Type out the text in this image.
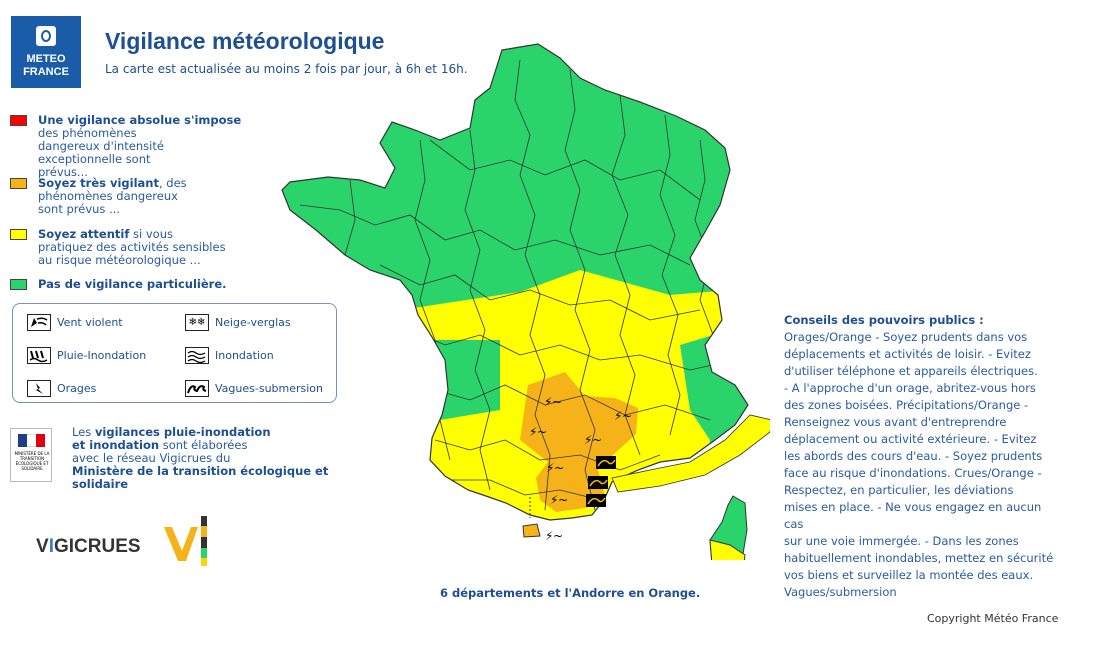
METEO
FRANCE
Vigilance météorologique
La carte est actualisée au moins 2 fois par jour, à 6h et 16h.
Une vigilance absolue s'impose
des phénomènes dangereux d'intensité exceptionnelle sont prévus...
Soyez très vigilant, des phénomènes dangereux sont prévus ...
Soyez attentif si vous pratiquez des activités sensibles au risque météorologique ...
Pas de vigilance particulière.
Vent violent	❄❄ Neige-verglas
Pluie-Inondation	Inondation
Orages	Vagues-submersion
MINISTÈRE DE LA TRANSITION ÉCOLOGIQUE ET SOLIDAIRE
Les vigilances pluie-inondation
et inondation sont élaborées
avec le réseau Vigicrues du
Ministère de la transition écologique et solidaire
VIGICRUES
⚡ ~
⚡ ~
⚡ ~
⚡ ~
⚡ ~
⚡ ~
⚡ ~
Conseils des pouvoirs publics :
Orages/Orange - Soyez prudents dans vos
déplacements et activités de loisir. - Evitez
d'utiliser téléphone et appareils électriques.
- A l'approche d'un orage, abritez-vous hors
des zones boisées. Précipitations/Orange -
Renseignez vous avant d'entreprendre
déplacement ou activité extérieure. - Evitez
les abords des cours d'eau. - Soyez prudents
face au risque d'inondations. Crues/Orange -
Respectez, en particulier, les déviations
mises en place. - Ne vous engagez en aucun cas
sur une voie immergée. - Dans les zones
habituellement inondables, mettez en sécurité
vos biens et surveillez la montée des eaux.
Vagues/submersion
6 départements et l'Andorre en Orange.
Copyright Météo France
